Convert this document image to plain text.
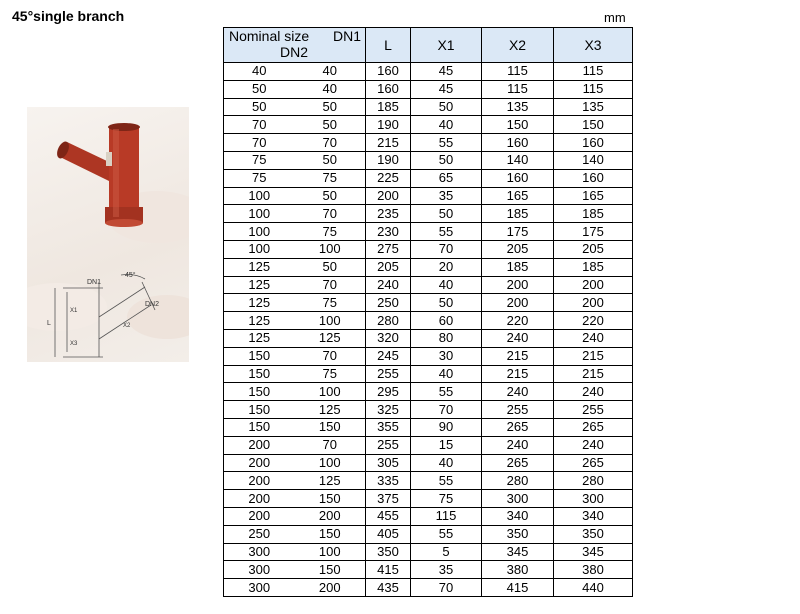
45°single branch	mm
DN1
45°
DN2
L
X1
X3
X2
Nominal size DN1
DN2		L	X1	X2	X3
40	40	160	45	115	115
50	40	160	45	115	115
50	50	185	50	135	135
70	50	190	40	150	150
70	70	215	55	160	160
75	50	190	50	140	140
75	75	225	65	160	160
100	50	200	35	165	165
100	70	235	50	185	185
100	75	230	55	175	175
100	100	275	70	205	205
125	50	205	20	185	185
125	70	240	40	200	200
125	75	250	50	200	200
125	100	280	60	220	220
125	125	320	80	240	240
150	70	245	30	215	215
150	75	255	40	215	215
150	100	295	55	240	240
150	125	325	70	255	255
150	150	355	90	265	265
200	70	255	15	240	240
200	100	305	40	265	265
200	125	335	55	280	280
200	150	375	75	300	300
200	200	455	115	340	340
250	150	405	55	350	350
300	100	350	5	345	345
300	150	415	35	380	380
300	200	435	70	415	440
